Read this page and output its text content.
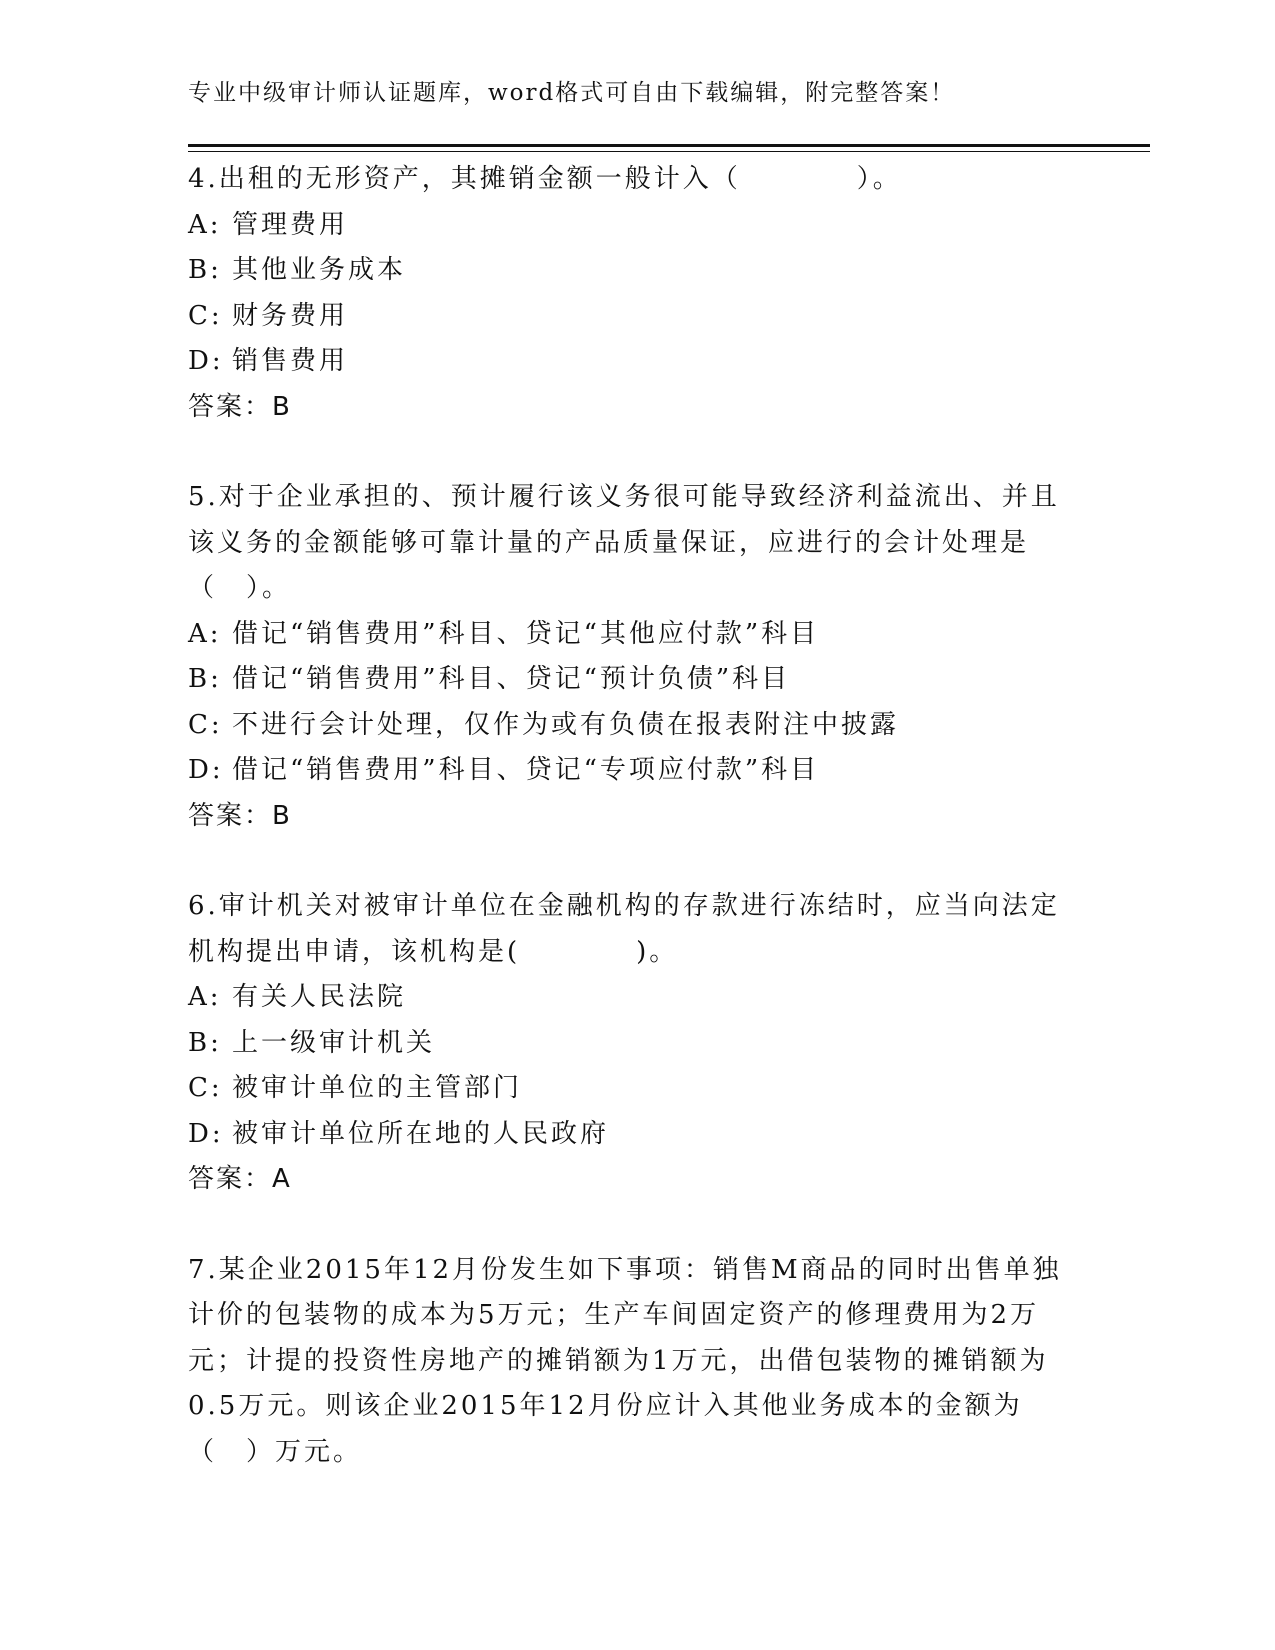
专业中级审计师认证题库，word格式可自由下载编辑，附完整答案！

4.出租的无形资产，其摊销金额一般计入（　　　　）。

A: 管理费用
B: 其他业务成本
C: 财务费用
D: 销售费用
答案：B

5.对于企业承担的、预计履行该义务很可能导致经济利益流出、并且该义务的金额能够可靠计量的产品质量保证，应进行的会计处理是（　）。

A: 借记“销售费用”科目、贷记“其他应付款”科目
B: 借记“销售费用”科目、贷记“预计负债”科目
C: 不进行会计处理，仅作为或有负债在报表附注中披露
D: 借记“销售费用”科目、贷记“专项应付款”科目
答案：B

6.审计机关对被审计单位在金融机构的存款进行冻结时，应当向法定机构提出申请，该机构是(　　　　)。

A: 有关人民法院
B: 上一级审计机关
C: 被审计单位的主管部门
D: 被审计单位所在地的人民政府
答案：A

7.某企业2015年12月份发生如下事项：销售M商品的同时出售单独计价的包装物的成本为5万元；生产车间固定资产的修理费用为2万元；计提的投资性房地产的摊销额为1万元，出借包装物的摊销额为0.5万元。则该企业2015年12月份应计入其他业务成本的金额为（　）万元。
